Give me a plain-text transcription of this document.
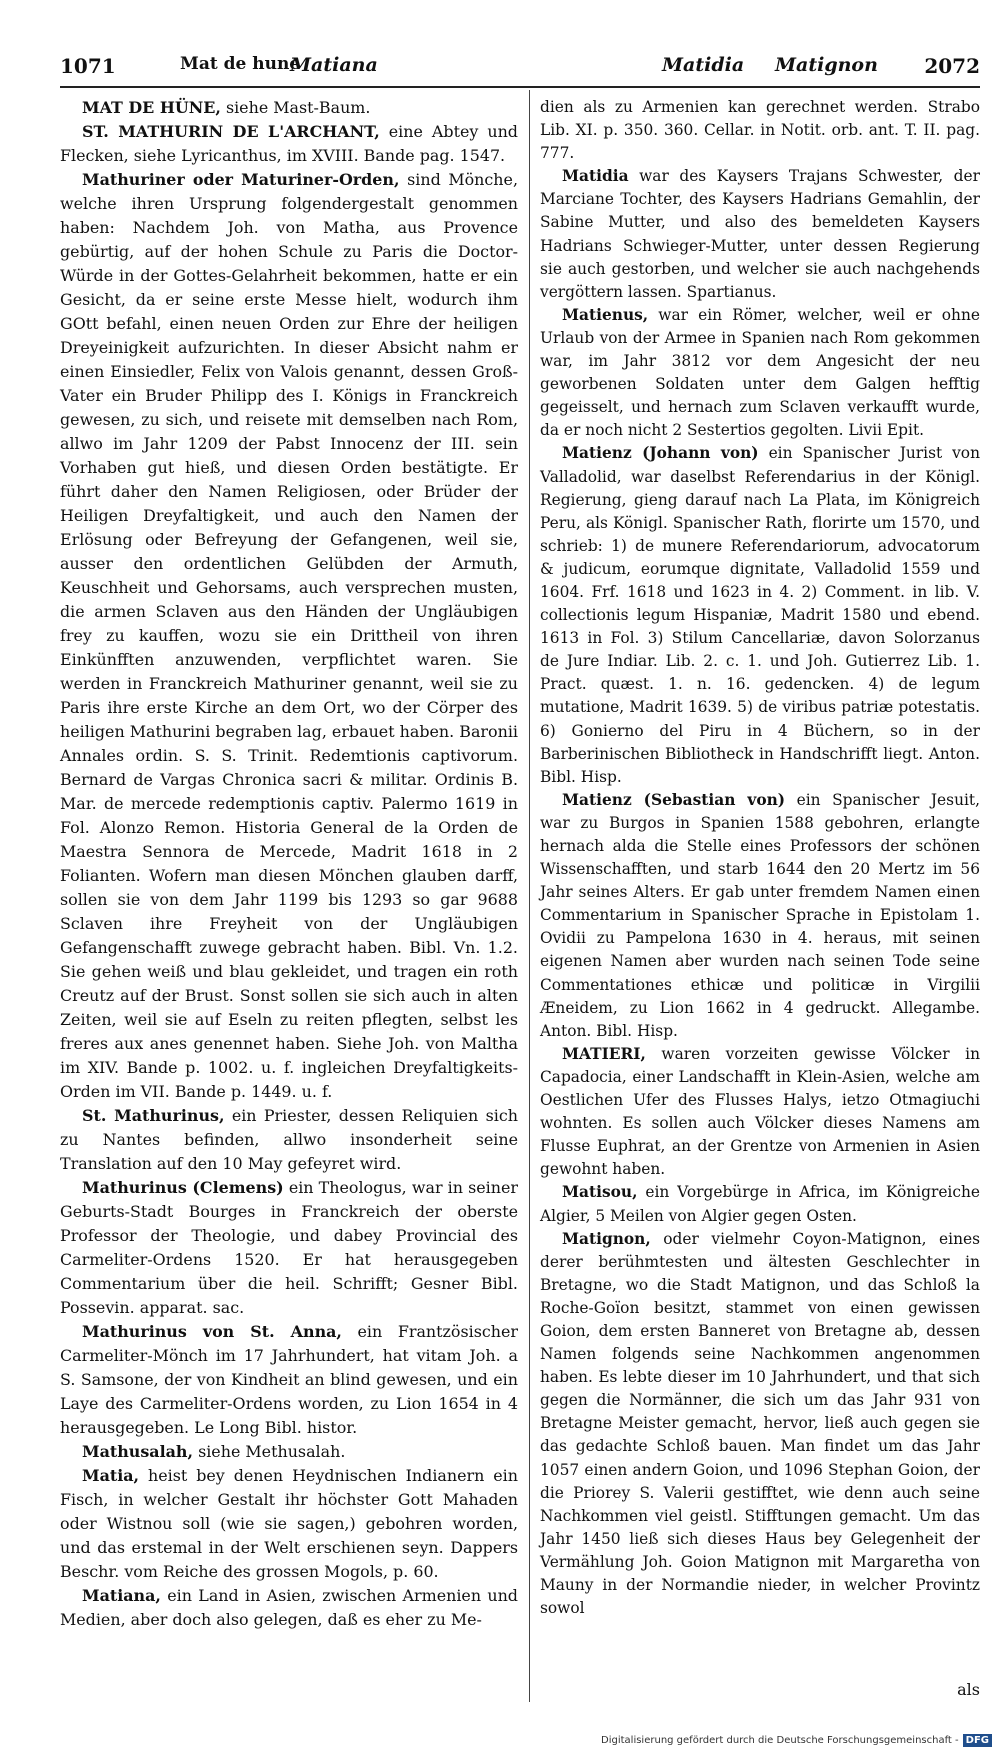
1071	Mat de hune
Matiana	Matidia Matignon 2072

MAT DE HÜNE, siehe Mast-Baum.

ST. MATHURIN DE L'ARCHANT, eine Abtey und Flecken, siehe Lyricanthus, im XVIII. Bande pag. 1547.

Mathuriner oder Maturiner-Orden, sind Mönche, welche ihren Ursprung folgendergestalt genommen haben: Nachdem Joh. von Matha, aus Provence gebürtig, auf der hohen Schule zu Paris die Doctor-Würde in der Gottes-Gelahrheit bekommen, hatte er ein Gesicht, da er seine erste Messe hielt, wodurch ihm GOtt befahl, einen neuen Orden zur Ehre der heiligen Dreyeinigkeit aufzurichten. In dieser Absicht nahm er einen Einsiedler, Felix von Valois genannt, dessen Groß-Vater ein Bruder Philipp des I. Königs in Franckreich gewesen, zu sich, und reisete mit demselben nach Rom, allwo im Jahr 1209 der Pabst Innocenz der III. sein Vorhaben gut hieß, und diesen Orden bestätigte. Er führt daher den Namen Religiosen, oder Brüder der Heiligen Dreyfaltigkeit, und auch den Namen der Erlösung oder Befreyung der Gefangenen, weil sie, ausser den ordentlichen Gelübden der Armuth, Keuschheit und Gehorsams, auch versprechen musten, die armen Sclaven aus den Händen der Ungläubigen frey zu kauffen, wozu sie ein Drittheil von ihren Einkünfften anzuwenden, verpflichtet waren. Sie werden in Franckreich Mathuriner genannt, weil sie zu Paris ihre erste Kirche an dem Ort, wo der Cörper des heiligen Mathurini begraben lag, erbauet haben. Baronii Annales ordin. S. S. Trinit. Redemtionis captivorum. Bernard de Vargas Chronica sacri & militar. Ordinis B. Mar. de mercede redemptionis captiv. Palermo 1619 in Fol. Alonzo Remon. Historia General de la Orden de Maestra Sennora de Mercede, Madrit 1618 in 2 Folianten. Wofern man diesen Mönchen glauben darff, sollen sie von dem Jahr 1199 bis 1293 so gar 9688 Sclaven ihre Freyheit von der Ungläubigen Gefangenschafft zuwege gebracht haben. Bibl. Vn. 1.2. Sie gehen weiß und blau gekleidet, und tragen ein roth Creutz auf der Brust. Sonst sollen sie sich auch in alten Zeiten, weil sie auf Eseln zu reiten pflegten, selbst les freres aux anes genennet haben. Siehe Joh. von Maltha im XIV. Bande p. 1002. u. f. ingleichen Dreyfaltigkeits-Orden im VII. Bande p. 1449. u. f.

St. Mathurinus, ein Priester, dessen Reliquien sich zu Nantes befinden, allwo insonderheit seine Translation auf den 10 May gefeyret wird.

Mathurinus (Clemens) ein Theologus, war in seiner Geburts-Stadt Bourges in Franckreich der oberste Professor der Theologie, und dabey Provincial des Carmeliter-Ordens 1520. Er hat herausgegeben Commentarium über die heil. Schrifft; Gesner Bibl. Possevin. apparat. sac.

Mathurinus von St. Anna, ein Frantzösischer Carmeliter-Mönch im 17 Jahrhundert, hat vitam Joh. a S. Samsone, der von Kindheit an blind gewesen, und ein Laye des Carmeliter-Ordens worden, zu Lion 1654 in 4 herausgegeben. Le Long Bibl. histor.

Mathusalah, siehe Methusalah.

Matia, heist bey denen Heydnischen Indianern ein Fisch, in welcher Gestalt ihr höchster Gott Mahaden oder Wistnou soll (wie sie sagen,) gebohren worden, und das erstemal in der Welt erschienen seyn. Dappers Beschr. vom Reiche des grossen Mogols, p. 60.

Matiana, ein Land in Asien, zwischen Armenien und Medien, aber doch also gelegen, daß es eher zu Me-

dien als zu Armenien kan gerechnet werden. Strabo Lib. XI. p. 350. 360. Cellar. in Notit. orb. ant. T. II. pag. 777.

Matidia war des Kaysers Trajans Schwester, der Marciane Tochter, des Kaysers Hadrians Gemahlin, der Sabine Mutter, und also des bemeldeten Kaysers Hadrians Schwieger-Mutter, unter dessen Regierung sie auch gestorben, und welcher sie auch nachgehends vergöttern lassen. Spartianus.

Matienus, war ein Römer, welcher, weil er ohne Urlaub von der Armee in Spanien nach Rom gekommen war, im Jahr 3812 vor dem Angesicht der neu geworbenen Soldaten unter dem Galgen hefftig gegeisselt, und hernach zum Sclaven verkaufft wurde, da er noch nicht 2 Sestertios gegolten. Livii Epit.

Matienz (Johann von) ein Spanischer Jurist von Valladolid, war daselbst Referendarius in der Königl. Regierung, gieng darauf nach La Plata, im Königreich Peru, als Königl. Spanischer Rath, florirte um 1570, und schrieb: 1) de munere Referendariorum, advocatorum & judicum, eorumque dignitate, Valladolid 1559 und 1604. Frf. 1618 und 1623 in 4. 2) Comment. in lib. V. collectionis legum Hispaniæ, Madrit 1580 und ebend. 1613 in Fol. 3) Stilum Cancellariæ, davon Solorzanus de Jure Indiar. Lib. 2. c. 1. und Joh. Gutierrez Lib. 1. Pract. quæst. 1. n. 16. gedencken. 4) de legum mutatione, Madrit 1639. 5) de viribus patriæ potestatis. 6) Gonierno del Piru in 4 Büchern, so in der Barberinischen Bibliotheck in Handschrifft liegt. Anton. Bibl. Hisp.

Matienz (Sebastian von) ein Spanischer Jesuit, war zu Burgos in Spanien 1588 gebohren, erlangte hernach alda die Stelle eines Professors der schönen Wissenschafften, und starb 1644 den 20 Mertz im 56 Jahr seines Alters. Er gab unter fremdem Namen einen Commentarium in Spanischer Sprache in Epistolam 1. Ovidii zu Pampelona 1630 in 4. heraus, mit seinen eigenen Namen aber wurden nach seinen Tode seine Commentationes ethicæ und politicæ in Virgilii Æneidem, zu Lion 1662 in 4 gedruckt. Allegambe. Anton. Bibl. Hisp.

MATIERI, waren vorzeiten gewisse Völcker in Capadocia, einer Landschafft in Klein-Asien, welche am Oestlichen Ufer des Flusses Halys, ietzo Otmagiuchi wohnten. Es sollen auch Völcker dieses Namens am Flusse Euphrat, an der Grentze von Armenien in Asien gewohnt haben.

Matisou, ein Vorgebürge in Africa, im Königreiche Algier, 5 Meilen von Algier gegen Osten.

Matignon, oder vielmehr Coyon-Matignon, eines derer berühmtesten und ältesten Geschlechter in Bretagne, wo die Stadt Matignon, und das Schloß la Roche-Goïon besitzt, stammet von einen gewissen Goion, dem ersten Banneret von Bretagne ab, dessen Namen folgends seine Nachkommen angenommen haben. Es lebte dieser im 10 Jahrhundert, und that sich gegen die Normänner, die sich um das Jahr 931 von Bretagne Meister gemacht, hervor, ließ auch gegen sie das gedachte Schloß bauen. Man findet um das Jahr 1057 einen andern Goion, und 1096 Stephan Goion, der die Priorey S. Valerii gestifftet, wie denn auch seine Nachkommen viel geistl. Stifftungen gemacht. Um das Jahr 1450 ließ sich dieses Haus bey Gelegenheit der Vermählung Joh. Goion Matignon mit Margaretha von Mauny in der Normandie nieder, in welcher Provintz sowol

als
Digitalisierung gefördert durch die Deutsche Forschungsgemeinschaft - DFG
